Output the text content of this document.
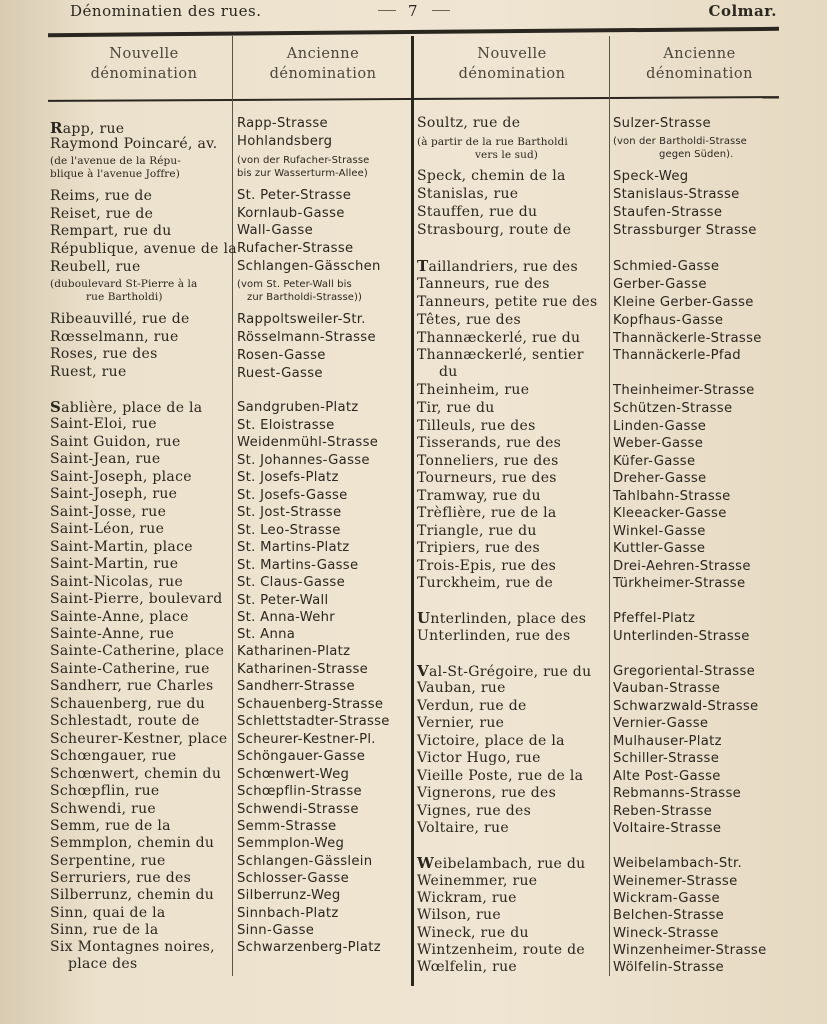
Dénominatien des rues.	7	Colmar.
Nouvelle
dénomination
Ancienne
dénomination
Nouvelle
dénomination
Ancienne
dénomination
Rapp, rue
Raymond Poincaré, av.
(de l'avenue de la Répu-
blique à l'avenue Joffre)
Reims, rue de
Reiset, rue de
Rempart, rue du
République, avenue de la
Reubell, rue
(duboulevard St-Pierre à la
rue Bartholdi)
Ribeauvillé, rue de
Rœsselmann, rue
Roses, rue des
Ruest, rue
Sablière, place de la
Saint-Eloi, rue
Saint Guidon, rue
Saint-Jean, rue
Saint-Joseph, place
Saint-Joseph, rue
Saint-Josse, rue
Saint-Léon, rue
Saint-Martin, place
Saint-Martin, rue
Saint-Nicolas, rue
Saint-Pierre, boulevard
Sainte-Anne, place
Sainte-Anne, rue
Sainte-Catherine, place
Sainte-Catherine, rue
Sandherr, rue Charles
Schauenberg, rue du
Schlestadt, route de
Scheurer-Kestner, place
Schœngauer, rue
Schœnwert, chemin du
Schœpflin, rue
Schwendi, rue
Semm, rue de la
Semmplon, chemin du
Serpentine, rue
Serruriers, rue des
Silberrunz, chemin du
Sinn, quai de la
Sinn, rue de la
Six Montagnes noires,
place des
Rapp-Strasse
Hohlandsberg
(von der Rufacher-Strasse
bis zur Wasserturm-Allee)
St. Peter-Strasse
Kornlaub-Gasse
Wall-Gasse
Rufacher-Strasse
Schlangen-Gässchen
(vom St. Peter-Wall bis
zur Bartholdi-Strasse))
Rappoltsweiler-Str.
Rösselmann-Strasse
Rosen-Gasse
Ruest-Gasse
Sandgruben-Platz
St. Eloistrasse
Weidenmühl-Strasse
St. Johannes-Gasse
St. Josefs-Platz
St. Josefs-Gasse
St. Jost-Strasse
St. Leo-Strasse
St. Martins-Platz
St. Martins-Gasse
St. Claus-Gasse
St. Peter-Wall
St. Anna-Wehr
St. Anna
Katharinen-Platz
Katharinen-Strasse
Sandherr-Strasse
Schauenberg-Strasse
Schlettstadter-Strasse
Scheurer-Kestner-Pl.
Schöngauer-Gasse
Schœnwert-Weg
Schœpflin-Strasse
Schwendi-Strasse
Semm-Strasse
Semmplon-Weg
Schlangen-Gässlein
Schlosser-Gasse
Silberrunz-Weg
Sinnbach-Platz
Sinn-Gasse
Schwarzenberg-Platz
Soultz, rue de
(à partir de la rue Bartholdi
vers le sud)
Speck, chemin de la
Stanislas, rue
Stauffen, rue du
Strasbourg, route de
Taillandriers, rue des
Tanneurs, rue des
Tanneurs, petite rue des
Têtes, rue des
Thannæckerlé, rue du
Thannæckerlé, sentier
du
Theinheim, rue
Tir, rue du
Tilleuls, rue des
Tisserands, rue des
Tonneliers, rue des
Tourneurs, rue des
Tramway, rue du
Trèflière, rue de la
Triangle, rue du
Tripiers, rue des
Trois-Epis, rue des
Turckheim, rue de
Unterlinden, place des
Unterlinden, rue des
Val-St-Grégoire, rue du
Vauban, rue
Verdun, rue de
Vernier, rue
Victoire, place de la
Victor Hugo, rue
Vieille Poste, rue de la
Vignerons, rue des
Vignes, rue des
Voltaire, rue
Weibelambach, rue du
Weinemmer, rue
Wickram, rue
Wilson, rue
Wineck, rue du
Wintzenheim, route de
Wœlfelin, rue
Sulzer-Strasse
(von der Bartholdi-Strasse
gegen Süden).
Speck-Weg
Stanislaus-Strasse
Staufen-Strasse
Strassburger Strasse
Schmied-Gasse
Gerber-Gasse
Kleine Gerber-Gasse
Kopfhaus-Gasse
Thannäckerle-Strasse
Thannäckerle-Pfad
Theinheimer-Strasse
Schützen-Strasse
Linden-Gasse
Weber-Gasse
Küfer-Gasse
Dreher-Gasse
Tahlbahn-Strasse
Kleeacker-Gasse
Winkel-Gasse
Kuttler-Gasse
Drei-Aehren-Strasse
Türkheimer-Strasse
Pfeffel-Platz
Unterlinden-Strasse
Gregoriental-Strasse
Vauban-Strasse
Schwarzwald-Strasse
Vernier-Gasse
Mulhauser-Platz
Schiller-Strasse
Alte Post-Gasse
Rebmanns-Strasse
Reben-Strasse
Voltaire-Strasse
Weibelambach-Str.
Weinemer-Strasse
Wickram-Gasse
Belchen-Strasse
Wineck-Strasse
Winzenheimer-Strasse
Wölfelin-Strasse
